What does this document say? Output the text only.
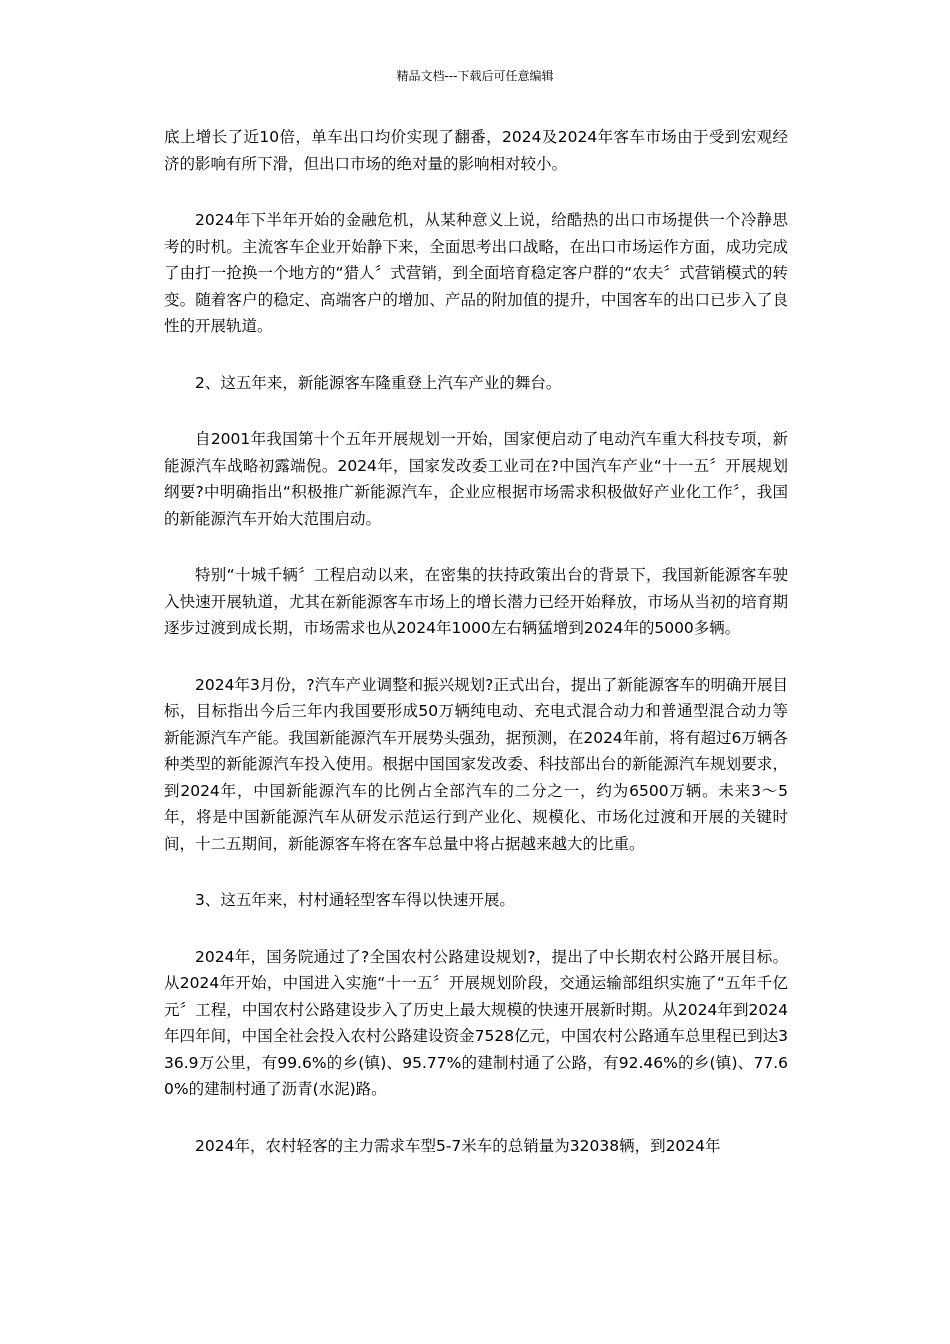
精品文档---下载后可任意编辑

底上增长了近10倍，单车出口均价实现了翻番，2024及2024年客车市场由于受到宏观经济的影响有所下滑，但出口市场的绝对量的影响相对较小。

2024年下半年开始的金融危机，从某种意义上说，给酷热的出口市场提供一个冷静思考的时机。主流客车企业开始静下来，全面思考出口战略，在出口市场运作方面，成功完成了由打一抢换一个地方的“猎人〞式营销，到全面培育稳定客户群的“农夫〞式营销模式的转变。随着客户的稳定、高端客户的增加、产品的附加值的提升，中国客车的出口已步入了良性的开展轨道。

2、这五年来，新能源客车隆重登上汽车产业的舞台。

自2001年我国第十个五年开展规划一开始，国家便启动了电动汽车重大科技专项，新能源汽车战略初露端倪。2024年，国家发改委工业司在?中国汽车产业“十一五〞开展规划纲要?中明确指出“积极推广新能源汽车，企业应根据市场需求积极做好产业化工作〞，我国的新能源汽车开始大范围启动。

特别“十城千辆〞工程启动以来，在密集的扶持政策出台的背景下，我国新能源客车驶入快速开展轨道，尤其在新能源客车市场上的增长潜力已经开始释放，市场从当初的培育期逐步过渡到成长期，市场需求也从2024年1000左右辆猛增到2024年的5000多辆。

2024年3月份，?汽车产业调整和振兴规划?正式出台，提出了新能源客车的明确开展目标，目标指出今后三年内我国要形成50万辆纯电动、充电式混合动力和普通型混合动力等新能源汽车产能。我国新能源汽车开展势头强劲，据预测，在2024年前，将有超过6万辆各种类型的新能源汽车投入使用。根据中国国家发改委、科技部出台的新能源汽车规划要求，到2024年，中国新能源汽车的比例占全部汽车的二分之一，约为6500万辆。未来3～5年，将是中国新能源汽车从研发示范运行到产业化、规模化、市场化过渡和开展的关键时间，十二五期间，新能源客车将在客车总量中将占据越来越大的比重。

3、这五年来，村村通轻型客车得以快速开展。

2024年，国务院通过了?全国农村公路建设规划?，提出了中长期农村公路开展目标。从2024年开始，中国进入实施“十一五〞开展规划阶段，交通运输部组织实施了“五年千亿元〞工程，中国农村公路建设步入了历史上最大规模的快速开展新时期。从2024年到2024年四年间，中国全社会投入农村公路建设资金7528亿元，中国农村公路通车总里程已到达336.9万公里，有99.6%的乡(镇)、95.77%的建制村通了公路，有92.46%的乡(镇)、77.60%的建制村通了沥青(水泥)路。

2024年，农村轻客的主力需求车型5-7米车的总销量为32038辆，到2024年
